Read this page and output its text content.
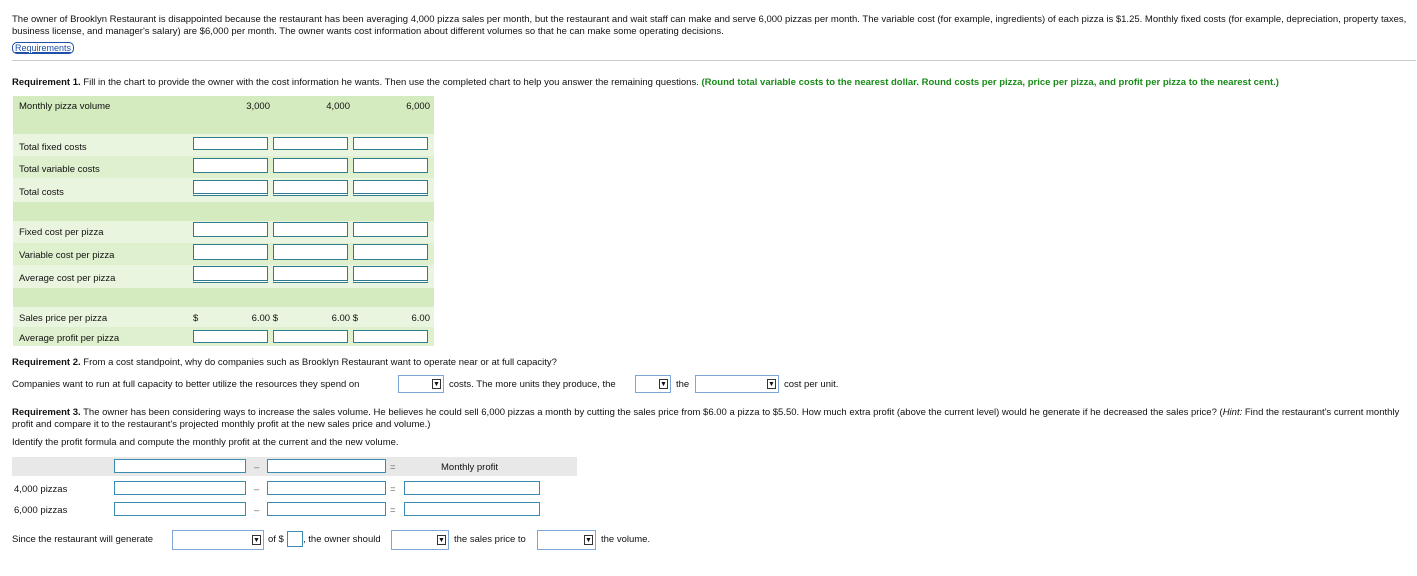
The owner of Brooklyn Restaurant is disappointed because the restaurant has been averaging 4,000 pizza sales per month, but the restaurant and wait staff can make and serve 6,000 pizzas per month. The variable cost (for example, ingredients) of each pizza is $1.25. Monthly fixed costs (for example, depreciation, property taxes, business license, and manager's salary) are $6,000 per month. The owner wants cost information about different volumes so that he can make some operating decisions.
Requirements
Requirement 1. Fill in the chart to provide the owner with the cost information he wants. Then use the completed chart to help you answer the remaining questions. (Round total variable costs to the nearest dollar. Round costs per pizza, price per pizza, and profit per pizza to the nearest cent.)
Monthly pizza volume	3,000	4,000	6,000
Total fixed costs
Total variable costs
Total costs
Fixed cost per pizza
Variable cost per pizza
Average cost per pizza
Sales price per pizza	$	6.00 $	6.00 $	6.00
Average profit per pizza
Requirement 2. From a cost standpoint, why do companies such as Brooklyn Restaurant want to operate near or at full capacity?
Companies want to run at full capacity to better utilize the resources they spend on	▼ costs. The more units they produce, the	▼ the	▼ cost per unit.
Requirement 3. The owner has been considering ways to increase the sales volume. He believes he could sell 6,000 pizzas a month by cutting the sales price from $6.00 a pizza to $5.50. How much extra profit (above the current level) would he generate if he decreased the sales price? (Hint: Find the restaurant's current monthly profit and compare it to the restaurant's projected monthly profit at the new sales price and volume.)
Identify the profit formula and compute the monthly profit at the current and the new volume.
–	=	Monthly profit
4,000 pizzas	–	=
6,000 pizzas	–	=
Since the restaurant will generate	▼ of $ , the owner should	▼ the sales price to	▼ the volume.
